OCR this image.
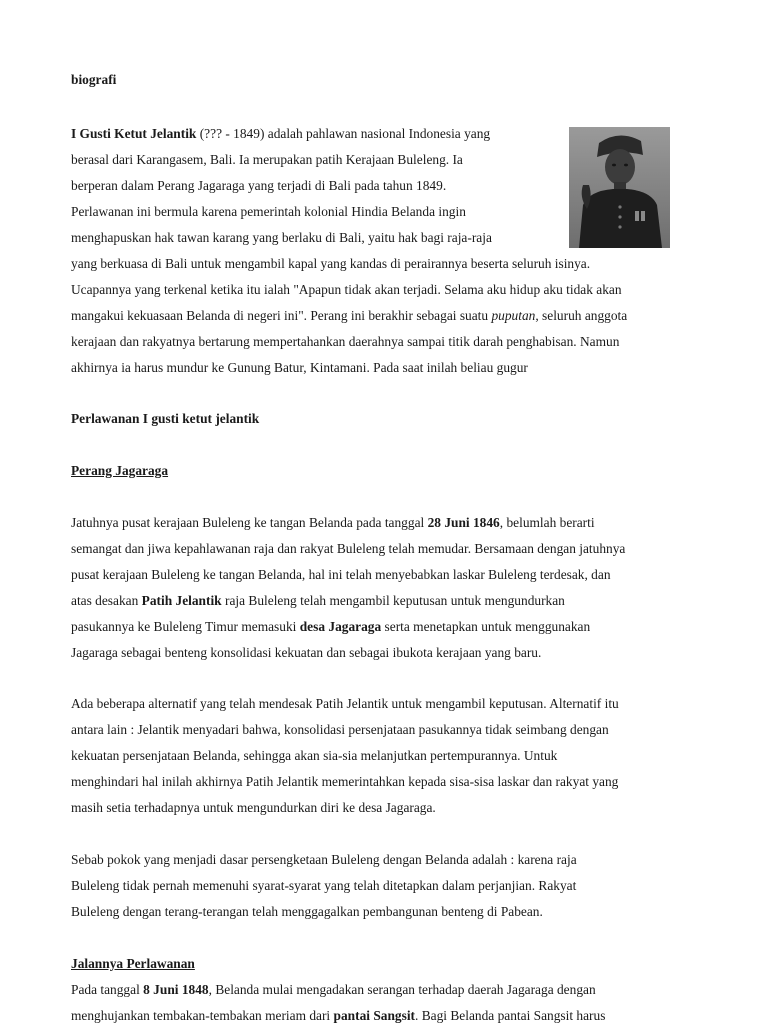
biografi
I Gusti Ketut Jelantik (??? - 1849) adalah pahlawan nasional Indonesia yang
berasal dari Karangasem, Bali. Ia merupakan patih Kerajaan Buleleng. Ia
berperan dalam Perang Jagaraga yang terjadi di Bali pada tahun 1849.
Perlawanan ini bermula karena pemerintah kolonial Hindia Belanda ingin
menghapuskan hak tawan karang yang berlaku di Bali, yaitu hak bagi raja-raja
yang berkuasa di Bali untuk mengambil kapal yang kandas di perairannya beserta seluruh isinya.
Ucapannya yang terkenal ketika itu ialah "Apapun tidak akan terjadi. Selama aku hidup aku tidak akan
mangakui kekuasaan Belanda di negeri ini". Perang ini berakhir sebagai suatu puputan, seluruh anggota
kerajaan dan rakyatnya bertarung mempertahankan daerahnya sampai titik darah penghabisan. Namun
akhirnya ia harus mundur ke Gunung Batur, Kintamani. Pada saat inilah beliau gugur
Perlawanan I gusti ketut jelantik
Perang Jagaraga
Jatuhnya pusat kerajaan Buleleng ke tangan Belanda pada tanggal 28 Juni 1846, belumlah berarti
semangat dan jiwa kepahlawanan raja dan rakyat Buleleng telah memudar. Bersamaan dengan jatuhnya
pusat kerajaan Buleleng ke tangan Belanda, hal ini telah menyebabkan laskar Buleleng terdesak, dan
atas desakan Patih Jelantik raja Buleleng telah mengambil keputusan untuk mengundurkan
pasukannya ke Buleleng Timur memasuki desa Jagaraga serta menetapkan untuk menggunakan
Jagaraga sebagai benteng konsolidasi kekuatan dan sebagai ibukota kerajaan yang baru.
Ada beberapa alternatif yang telah mendesak Patih Jelantik untuk mengambil keputusan. Alternatif itu
antara lain : Jelantik menyadari bahwa, konsolidasi persenjataan pasukannya tidak seimbang dengan
kekuatan persenjataan Belanda, sehingga akan sia-sia melanjutkan pertempurannya. Untuk
menghindari hal inilah akhirnya Patih Jelantik memerintahkan kepada sisa-sisa laskar dan rakyat yang
masih setia terhadapnya untuk mengundurkan diri ke desa Jagaraga.
Sebab pokok yang menjadi dasar persengketaan Buleleng dengan Belanda adalah : karena raja
Buleleng tidak pernah memenuhi syarat-syarat yang telah ditetapkan dalam perjanjian. Rakyat
Buleleng dengan terang-terangan telah menggagalkan pembangunan benteng di Pabean.
Jalannya Perlawanan
Pada tanggal 8 Juni 1848, Belanda mulai mengadakan serangan terhadap daerah Jagaraga dengan
menghujankan tembakan-tembakan meriam dari pantai Sangsit. Bagi Belanda pantai Sangsit harus
